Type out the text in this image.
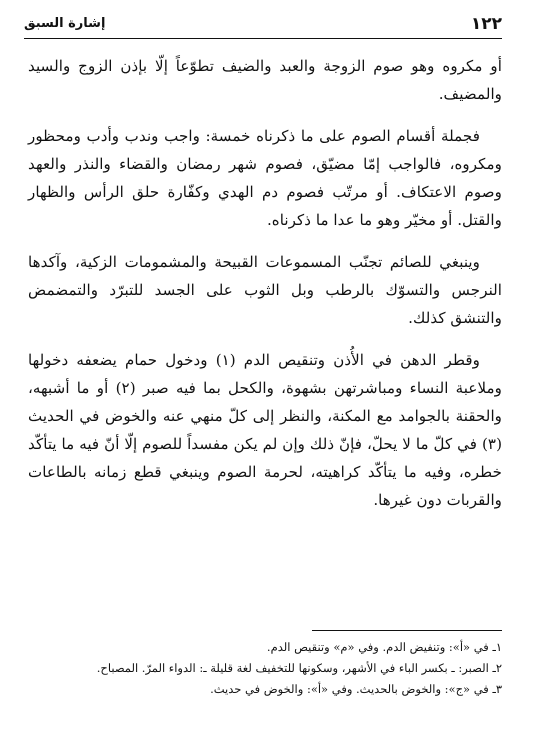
١٢٢
إشارة السبق

أو مكروه وهو صوم الزوجة والعبد والضيف تطوّعاً إلّا بإذن الزوج والسيد والمضيف.

فجملة أقسام الصوم على ما ذكرناه خمسة: واجب وندب وأدب ومحظور ومكروه، فالواجب إمّا مضيّق، فصوم شهر رمضان والقضاء والنذر والعهد وصوم الاعتكاف. أو مرتّب فصوم دم الهدي وكفّارة حلق الرأس والظهار والقتل. أو مخيّر وهو ما عدا ما ذكرناه.

وينبغي للصائم تجنّب المسموعات القبيحة والمشمومات الزكية، وآكدها النرجس والتسوّك بالرطب وبل الثوب على الجسد للتبرّد والتمضمض والتنشق كذلك.

وقطر الدهن في الأُذن وتنقيص الدم (١) ودخول حمام يضعفه دخولها وملاعبة النساء ومباشرتهن بشهوة، والكحل بما فيه صبر (٢) أو ما أشبهه، والحقنة بالجوامد مع المكنة، والنظر إلى كلّ منهي عنه والخوض في الحديث (٣) في كلّ ما لا يحلّ، فإنّ ذلك وإن لم يكن مفسداً للصوم إلّا أنّ فيه ما يتأكّد خطره، وفيه ما يتأكّد كراهيته، لحرمة الصوم وينبغي قطع زمانه بالطاعات والقربات دون غيرها.

١ـ في «أ»: وتنفيض الدم. وفي «م» وتنقيص الدم.

٢ـ الصبر: ـ بكسر الباء في الأشهر، وسكونها للتخفيف لغة قليلة ـ: الدواء المرّ. المصباح.

٣ـ في «ج»: والخوض بالحديث. وفي «أ»: والخوض في حديث.
